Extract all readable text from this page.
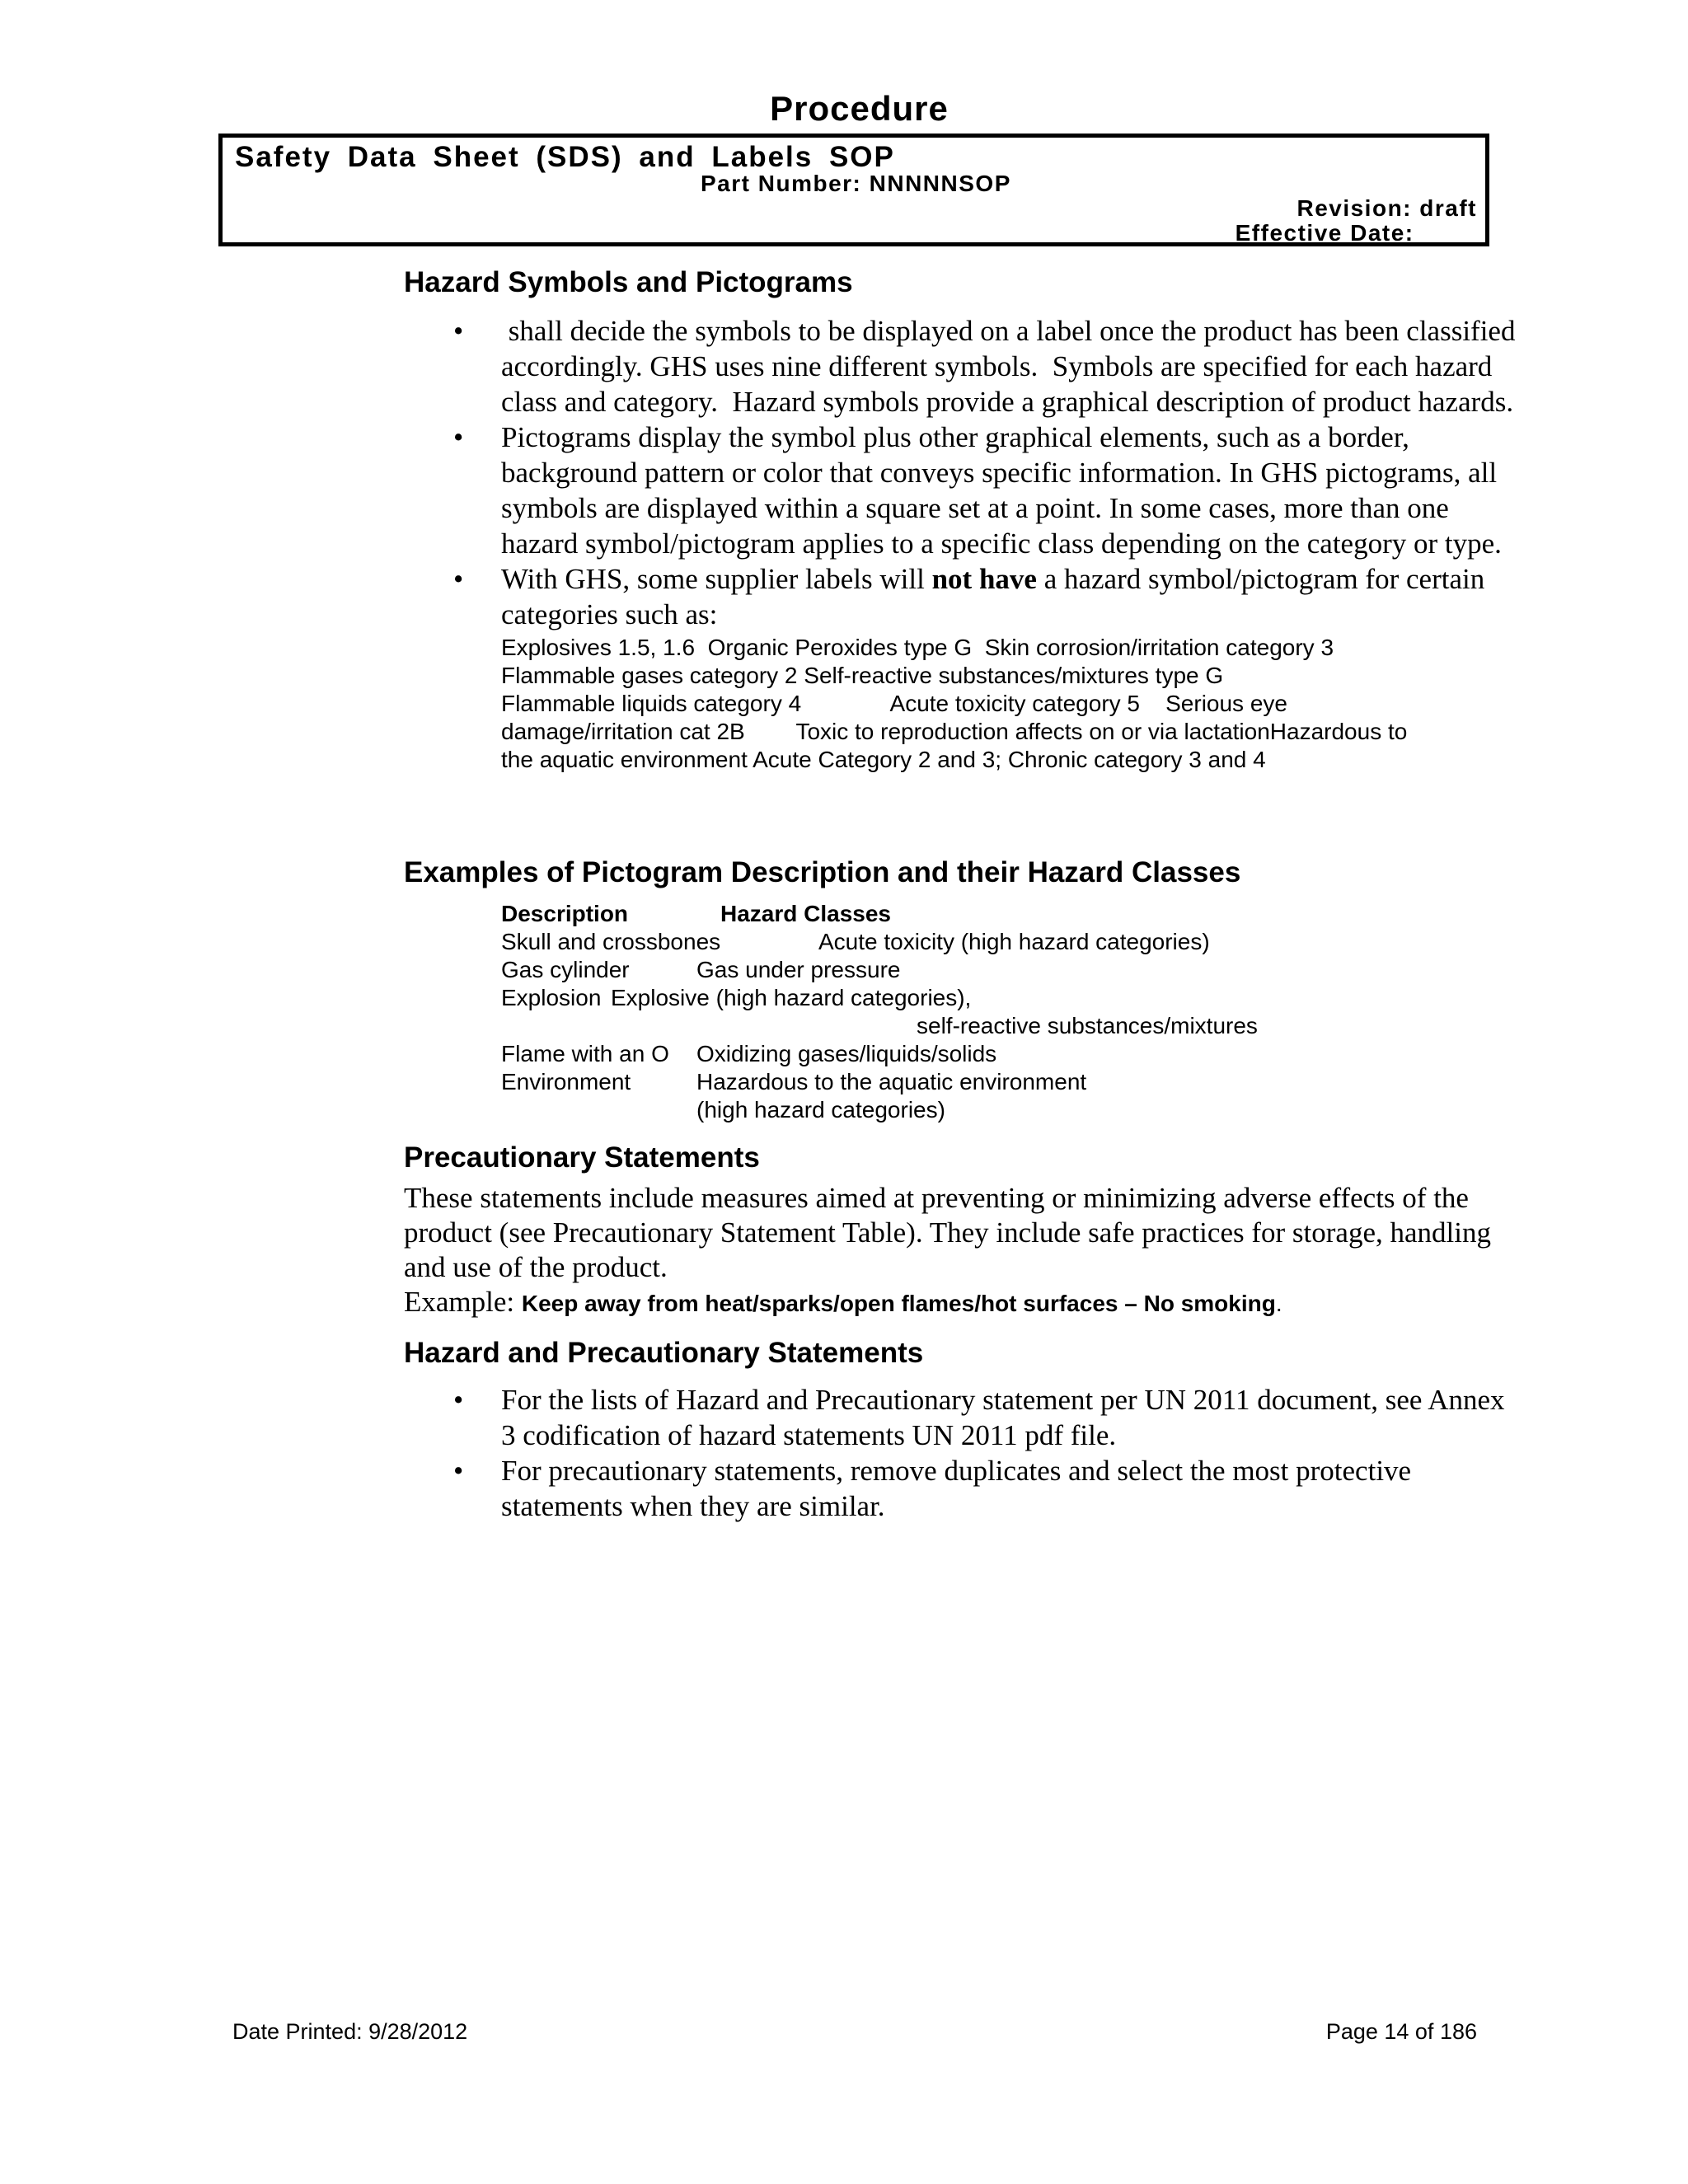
Procedure
Safety Data Sheet (SDS) and Labels SOP
Part Number: NNNNNSOP
Revision: draft
Effective Date: _
Hazard Symbols and Pictograms
• shall decide the symbols to be displayed on a label once the product has been classified accordingly. GHS uses nine different symbols.  Symbols are specified for each hazard class and category.  Hazard symbols provide a graphical description of product hazards.
• Pictograms display the symbol plus other graphical elements, such as a border, background pattern or color that conveys specific information. In GHS pictograms, all symbols are displayed within a square set at a point. In some cases, more than one hazard symbol/pictogram applies to a specific class depending on the category or type.
• With GHS, some supplier labels will not have a hazard symbol/pictogram for certain categories such as:
Explosives 1.5, 1.6  Organic Peroxides type G  Skin corrosion/irritation category 3
Flammable gases category 2 Self-reactive substances/mixtures type G
Flammable liquids category 4              Acute toxicity category 5    Serious eye
damage/irritation cat 2B        Toxic to reproduction affects on or via lactationHazardous to
the aquatic environment Acute Category 2 and 3; Chronic category 3 and 4
Examples of Pictogram Description and their Hazard Classes
Description	Hazard Classes
Skull and crossbones	Acute toxicity (high hazard categories)
Gas cylinder	Gas under pressure
Explosion Explosive (high hazard categories),
self-reactive substances/mixtures
Flame with an O Oxidizing gases/liquids/solids
Environment	Hazardous to the aquatic environment
(high hazard categories)
Precautionary Statements
These statements include measures aimed at preventing or minimizing adverse effects of the product (see Precautionary Statement Table). They include safe practices for storage, handling and use of the product.
Example: Keep away from heat/sparks/open flames/hot surfaces – No smoking.
Hazard and Precautionary Statements
• For the lists of Hazard and Precautionary statement per UN 2011 document, see Annex 3 codification of hazard statements UN 2011 pdf file.
• For precautionary statements, remove duplicates and select the most protective statements when they are similar.
Date Printed: 9/28/2012	Page 14 of 186
